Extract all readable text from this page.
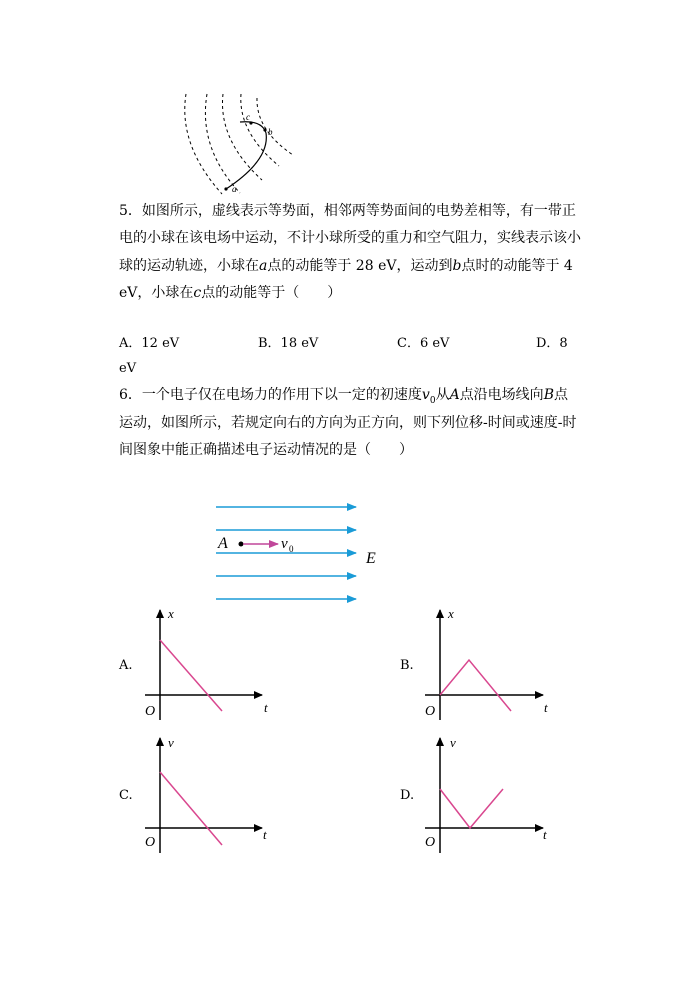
a
b
c
5．如图所示，虚线表示等势面，相邻两等势面间的电势差相等，有一带正
电的小球在该电场中运动，不计小球所受的重力和空气阻力，实线表示该小
球的运动轨迹，小球在a点的动能等于 28 eV，运动到b点时的动能等于 4
eV，小球在c点的动能等于（　　）
A．12 eV	B．18 eV	C．6 eV	D．8
eV
6．一个电子仅在电场力的作用下以一定的初速度$v_0$从A点沿电场线向B点
运动，如图所示，若规定向右的方向为正方向，则下列位移-时间或速度-时
间图象中能正确描述电子运动情况的是（　　）
A	v 0
E
A.
x
t
O
B.
x
t
O
C.
v
t
O
D.
v
t
O
